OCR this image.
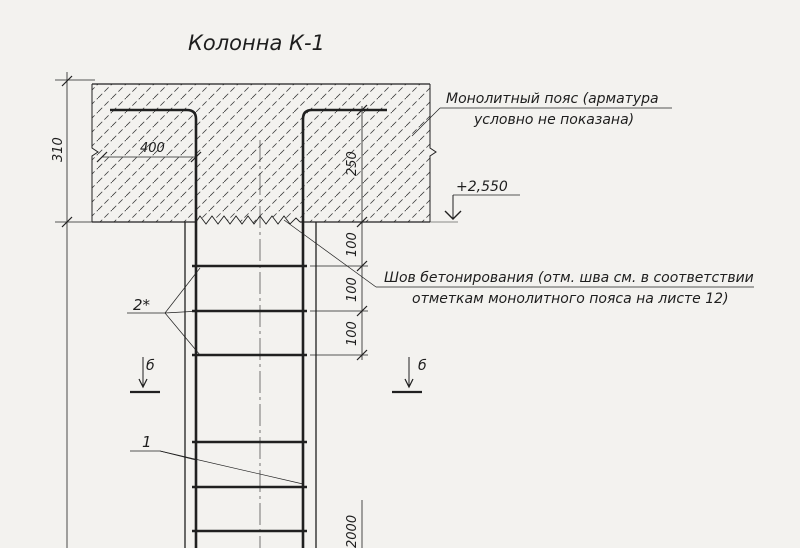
Колонна К-1
310	400
250
100
100
100
2000
+2,550
Монолитный пояс (арматура
условно не показана)
Шов бетонирования (отм. шва см. в соответствии
отметкам монолитного пояса на листе 12)
2*
1
б	б
